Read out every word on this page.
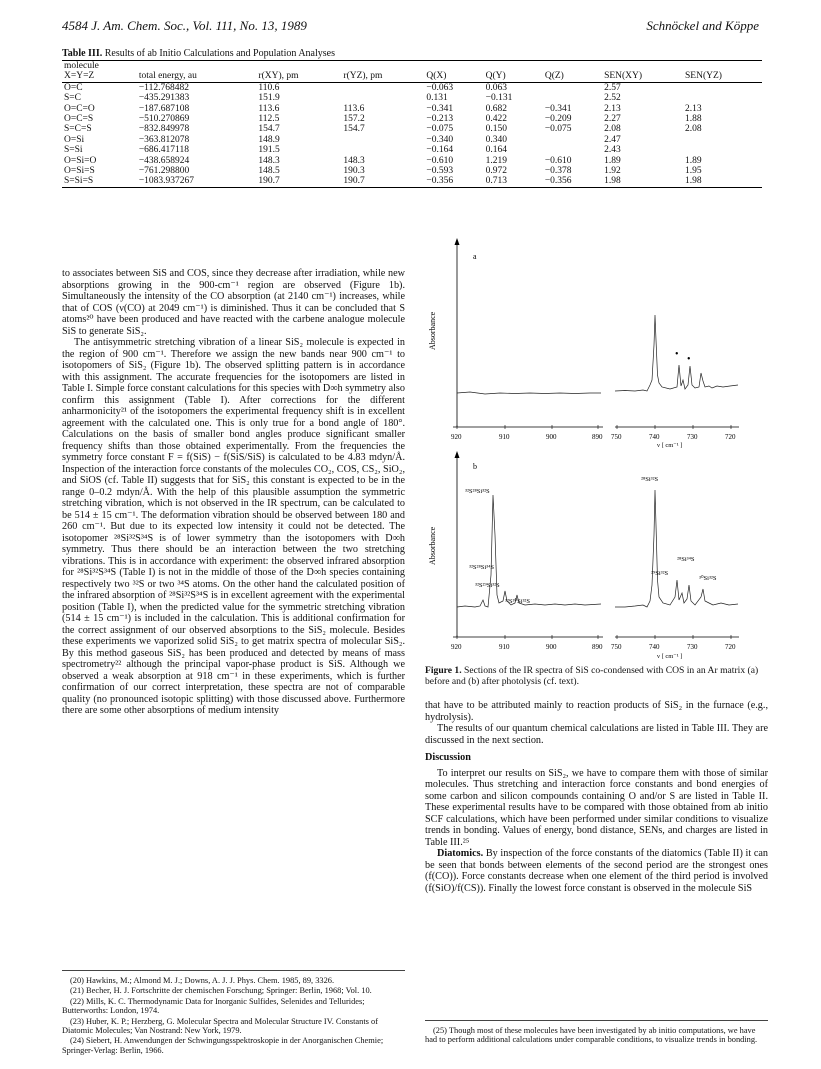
4584 J. Am. Chem. Soc., Vol. 111, No. 13, 1989	Schnöckel and Köppe
Table III. Results of ab Initio Calculations and Population Analyses
molecule								
X=Y=Z	total energy, au	r(XY), pm	r(YZ), pm	Q(X)	Q(Y)	Q(Z)	SEN(XY)	SEN(YZ)
O=C	−112.768482	110.6		−0.063	0.063		2.57	
S=C	−435.291383	151.9		0.131	−0.131		2.52	
O=C=O	−187.687108	113.6	113.6	−0.341	0.682	−0.341	2.13	2.13
O=C=S	−510.270869	112.5	157.2	−0.213	0.422	−0.209	2.27	1.88
S=C=S	−832.849978	154.7	154.7	−0.075	0.150	−0.075	2.08	2.08
O=Si	−363.812078	148.9		−0.340	0.340		2.47	
S=Si	−686.417118	191.5		−0.164	0.164		2.43	
O=Si=O	−438.658924	148.3	148.3	−0.610	1.219	−0.610	1.89	1.89
O=Si=S	−761.298800	148.5	190.3	−0.593	0.972	−0.378	1.92	1.95
S=Si=S	−1083.937267	190.7	190.7	−0.356	0.713	−0.356	1.98	1.98

to associates between SiS and COS, since they decrease after irradiation, while new absorptions growing in the 900-cm⁻¹ region are observed (Figure 1b). Simultaneously the intensity of the CO absorption (at 2140 cm⁻¹) increases, while that of COS (ν(CO) at 2049 cm⁻¹) is diminished. Thus it can be concluded that S atoms²⁰ have been produced and have reacted with the carbene analogue molecule SiS to generate SiS₂.

The antisymmetric stretching vibration of a linear SiS₂ molecule is expected in the region of 900 cm⁻¹. Therefore we assign the new bands near 900 cm⁻¹ to isotopomers of SiS₂ (Figure 1b). The observed splitting pattern is in accordance with this assignment. The accurate frequencies for the isotopomers are listed in Table I. Simple force constant calculations for this species with D∞h symmetry also confirm this assignment (Table I). After corrections for the different anharmonicity²¹ of the isotopomers the experimental frequency shift is in excellent agreement with the calculated one. This is only true for a bond angle of 180°. Calculations on the basis of smaller bond angles produce significant smaller frequency shifts than those obtained experimentally. From the frequencies the symmetry force constant F = f(SiS) − f(SiS/SiS) is calculated to be 4.83 mdyn/Å. Inspection of the interaction force constants of the molecules CO₂, COS, CS₂, SiO₂, and SiOS (cf. Table II) suggests that for SiS₂ this constant is expected to be in the range 0–0.2 mdyn/Å. With the help of this plausible assumption the symmetric stretching vibration, which is not observed in the IR spectrum, can be calculated to be 514 ± 15 cm⁻¹. The deformation vibration should be observed between 180 and 260 cm⁻¹. But due to its expected low intensity it could not be detected. The isotopomer ²⁸Si³²S³⁴S is of lower symmetry than the isotopomers with D∞h symmetry. Thus there should be an interaction between the two stretching vibrations. This is in accordance with experiment: the observed infrared absorption for ²⁸Si³²S³⁴S (Table I) is not in the middle of those of the D∞h species containing respectively two ³²S or two ³⁴S atoms. On the other hand the calculated position of the infrared absorption of ²⁸Si³²S³⁴S is in excellent agreement with the experimental position (Table I), when the predicted value for the symmetric stretching vibration (514 ± 15 cm⁻¹) is included in the calculation. This is additional confirmation for the correct assignment of our observed absorptions to the SiS₂ molecule. Besides these experiments we vaporized solid SiS₂ to get matrix spectra of molecular SiS₂. By this method gaseous SiS₂ has been produced and detected by means of mass spectrometry²² although the principal vapor-phase product is SiS. Although we observed a weak absorption at 918 cm⁻¹ in these experiments, which is further confirmation of our correct interpretation, these spectra are not of comparable quality (no pronounced isotopic splitting) with those discussed above. Furthermore there are some other absorptions of medium intensity

(20) Hawkins, M.; Almond M. J.; Downs, A. J. J. Phys. Chem. 1985, 89, 3326.

(21) Becher, H. J. Fortschritte der chemischen Forschung; Springer: Berlin, 1968; Vol. 10.

(22) Mills, K. C. Thermodynamic Data for Inorganic Sulfides, Selenides and Tellurides; Butterworths: London, 1974.

(23) Huber, K. P.; Herzberg, G. Molecular Spectra and Molecular Structure IV. Constants of Diatomic Molecules; Van Nostrand: New York, 1979.

(24) Siebert, H. Anwendungen der Schwingungsspektroskopie in der Anorganischen Chemie; Springer-Verlag: Berlin, 1966.

Absorbance
a
• •
920	910	900	890 750	740	730	720
ν [ cm⁻¹ ]
Absorbance
b
³²S²⁸Si³²S
³²S²⁸Si³⁴S
³²S²⁹Si³²S
³²S³⁰Si³²S
²⁸Si³²S
²⁸Si³⁴S
²⁹Si³²S
³⁰Si³²S
920	910	900	890 750	740	730	720
ν [ cm⁻¹ ]
Figure 1. Sections of the IR spectra of SiS co-condensed with COS in an Ar matrix (a) before and (b) after photolysis (cf. text).

that have to be attributed mainly to reaction products of SiS₂ in the furnace (e.g., hydrolysis).

The results of our quantum chemical calculations are listed in Table III. They are discussed in the next section.

Discussion

To interpret our results on SiS₂, we have to compare them with those of similar molecules. Thus stretching and interaction force constants and bond energies of some carbon and silicon compounds containing O and/or S are listed in Table II. These experimental results have to be compared with those obtained from ab initio SCF calculations, which have been performed under similar conditions to visualize trends in bonding. Values of energy, bond distance, SENs, and charges are listed in Table III.²⁵

Diatomics. By inspection of the force constants of the diatomics (Table II) it can be seen that bonds between elements of the second period are the strongest ones (f(CO)). Force constants decrease when one element of the third period is involved (f(SiO)/f(CS)). Finally the lowest force constant is observed in the molecule SiS

(25) Though most of these molecules have been investigated by ab initio computations, we have had to perform additional calculations under comparable conditions, to visualize trends in bonding.
